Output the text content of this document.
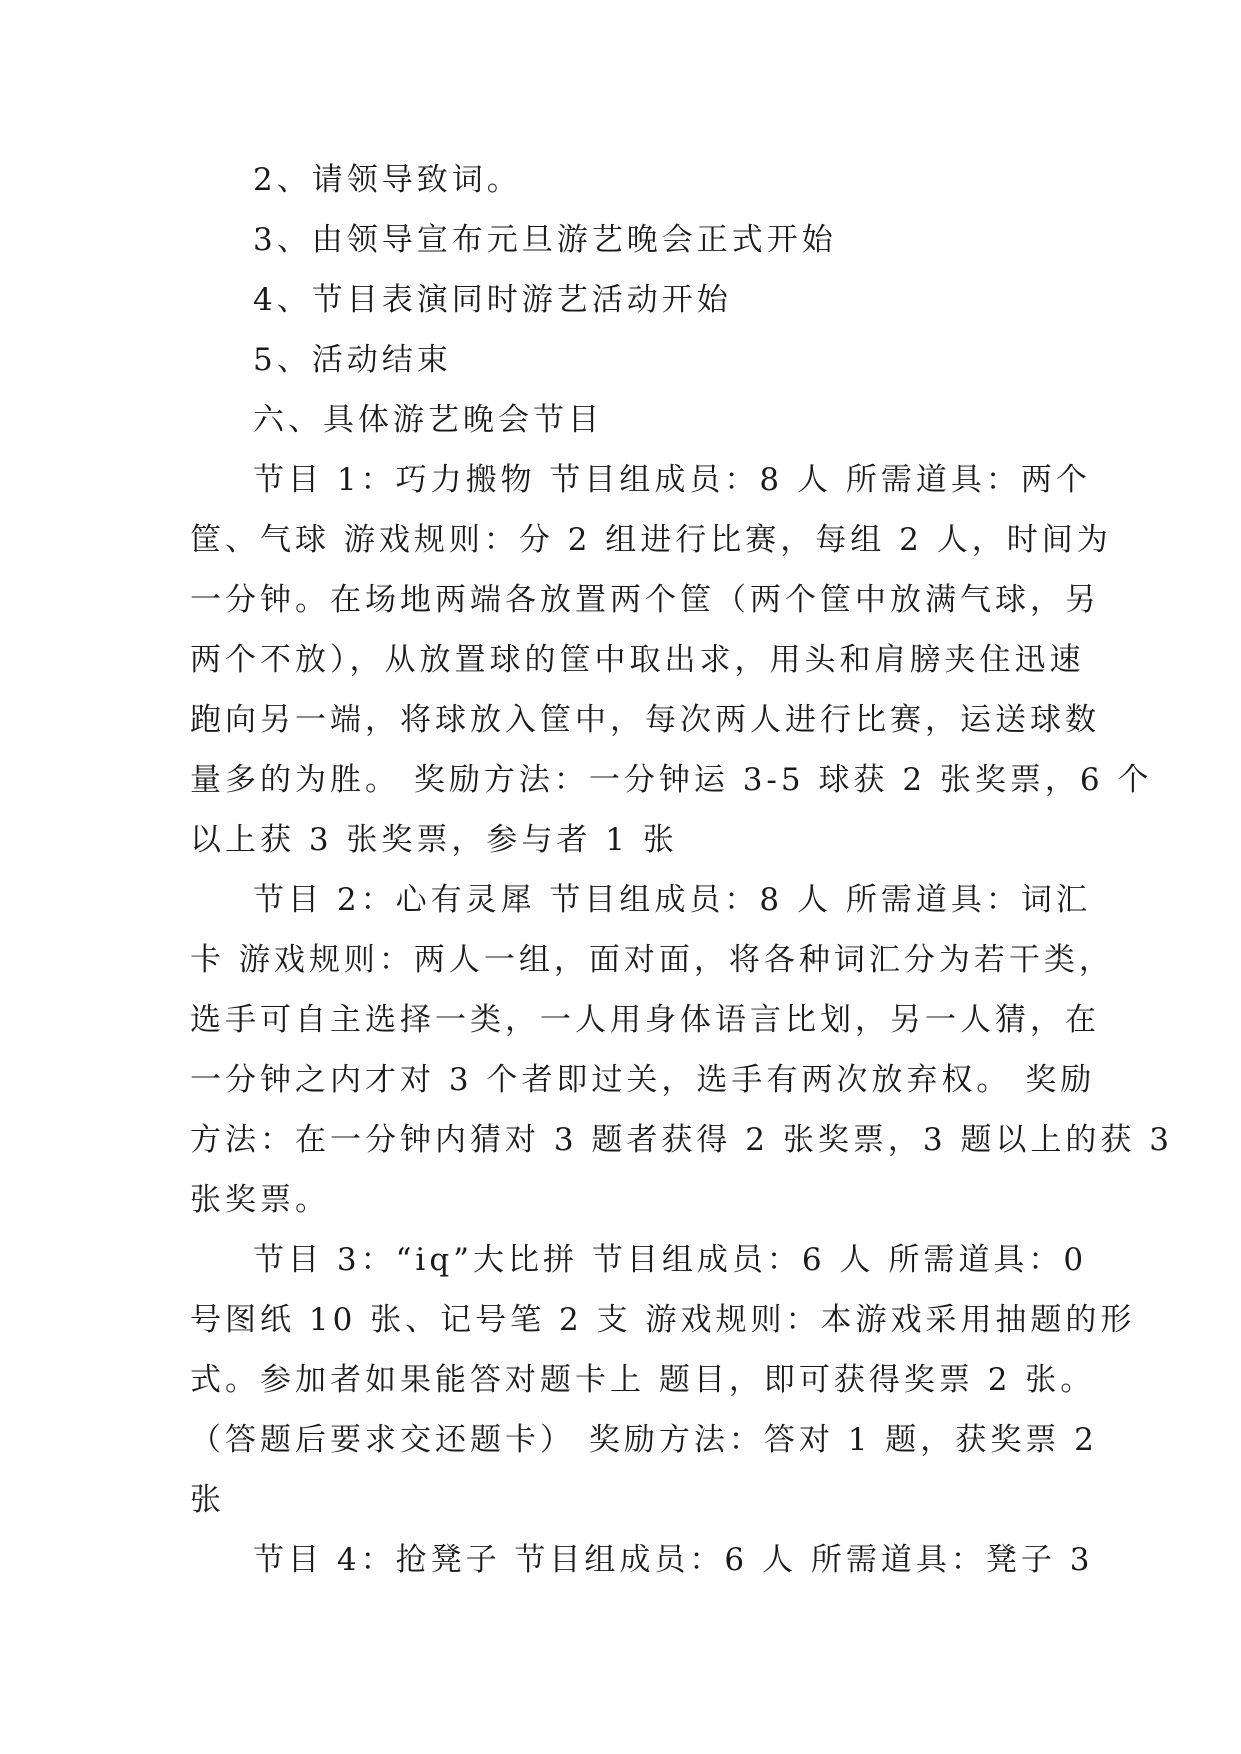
2、请领导致词。
3、由领导宣布元旦游艺晚会正式开始
4、节目表演同时游艺活动开始
5、活动结束
六、具体游艺晚会节目
节目 1：巧力搬物 节目组成员：8 人 所需道具：两个
筐、气球 游戏规则：分 2 组进行比赛，每组 2 人，时间为
一分钟。在场地两端各放置两个筐（两个筐中放满气球，另
两个不放），从放置球的筐中取出求，用头和肩膀夹住迅速
跑向另一端，将球放入筐中，每次两人进行比赛，运送球数
量多的为胜。 奖励方法：一分钟运 3-5 球获 2 张奖票，6 个
以上获 3 张奖票，参与者 1 张
节目 2：心有灵犀 节目组成员：8 人 所需道具：词汇
卡 游戏规则：两人一组，面对面，将各种词汇分为若干类，
选手可自主选择一类，一人用身体语言比划，另一人猜，在
一分钟之内才对 3 个者即过关，选手有两次放弃权。 奖励
方法：在一分钟内猜对 3 题者获得 2 张奖票，3 题以上的获 3
张奖票。
节目 3：“iq”大比拼 节目组成员：6 人 所需道具：0
号图纸 10 张、记号笔 2 支 游戏规则：本游戏采用抽题的形
式。参加者如果能答对题卡上 题目，即可获得奖票 2 张。
（答题后要求交还题卡） 奖励方法：答对 1 题，获奖票 2
张
节目 4：抢凳子 节目组成员：6 人 所需道具：凳子 3
